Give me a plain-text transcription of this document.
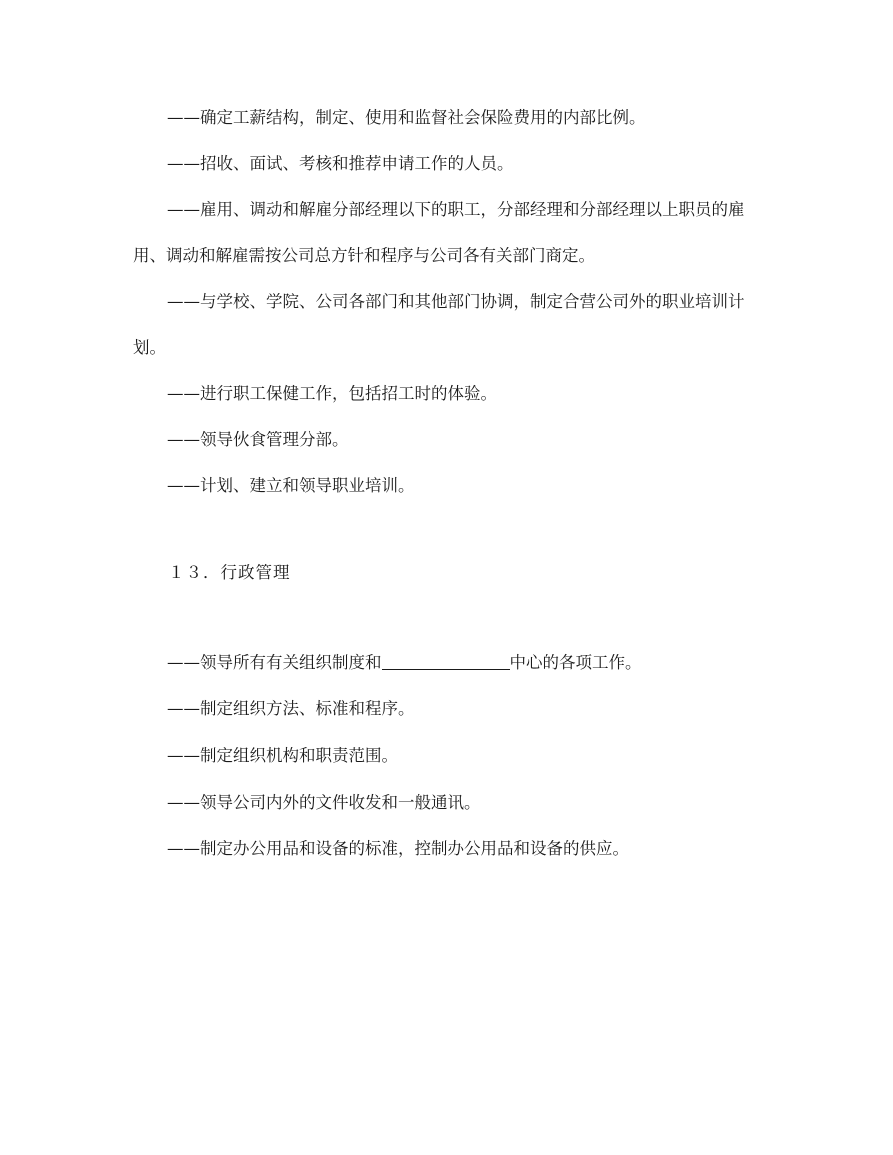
——确定工薪结构，制定、使用和监督社会保险费用的内部比例。

——招收、面试、考核和推荐申请工作的人员。

——雇用、调动和解雇分部经理以下的职工，分部经理和分部经理以上职员的雇用、调动和解雇需按公司总方针和程序与公司各有关部门商定。

——与学校、学院、公司各部门和其他部门协调，制定合营公司外的职业培训计划。

——进行职工保健工作，包括招工时的体验。

——领导伙食管理分部。

——计划、建立和领导职业培训。

１３．行政管理

——领导所有有关组织制度和	中心的各项工作。

——制定组织方法、标准和程序。

——制定组织机构和职责范围。

——领导公司内外的文件收发和一般通讯。

——制定办公用品和设备的标准，控制办公用品和设备的供应。
